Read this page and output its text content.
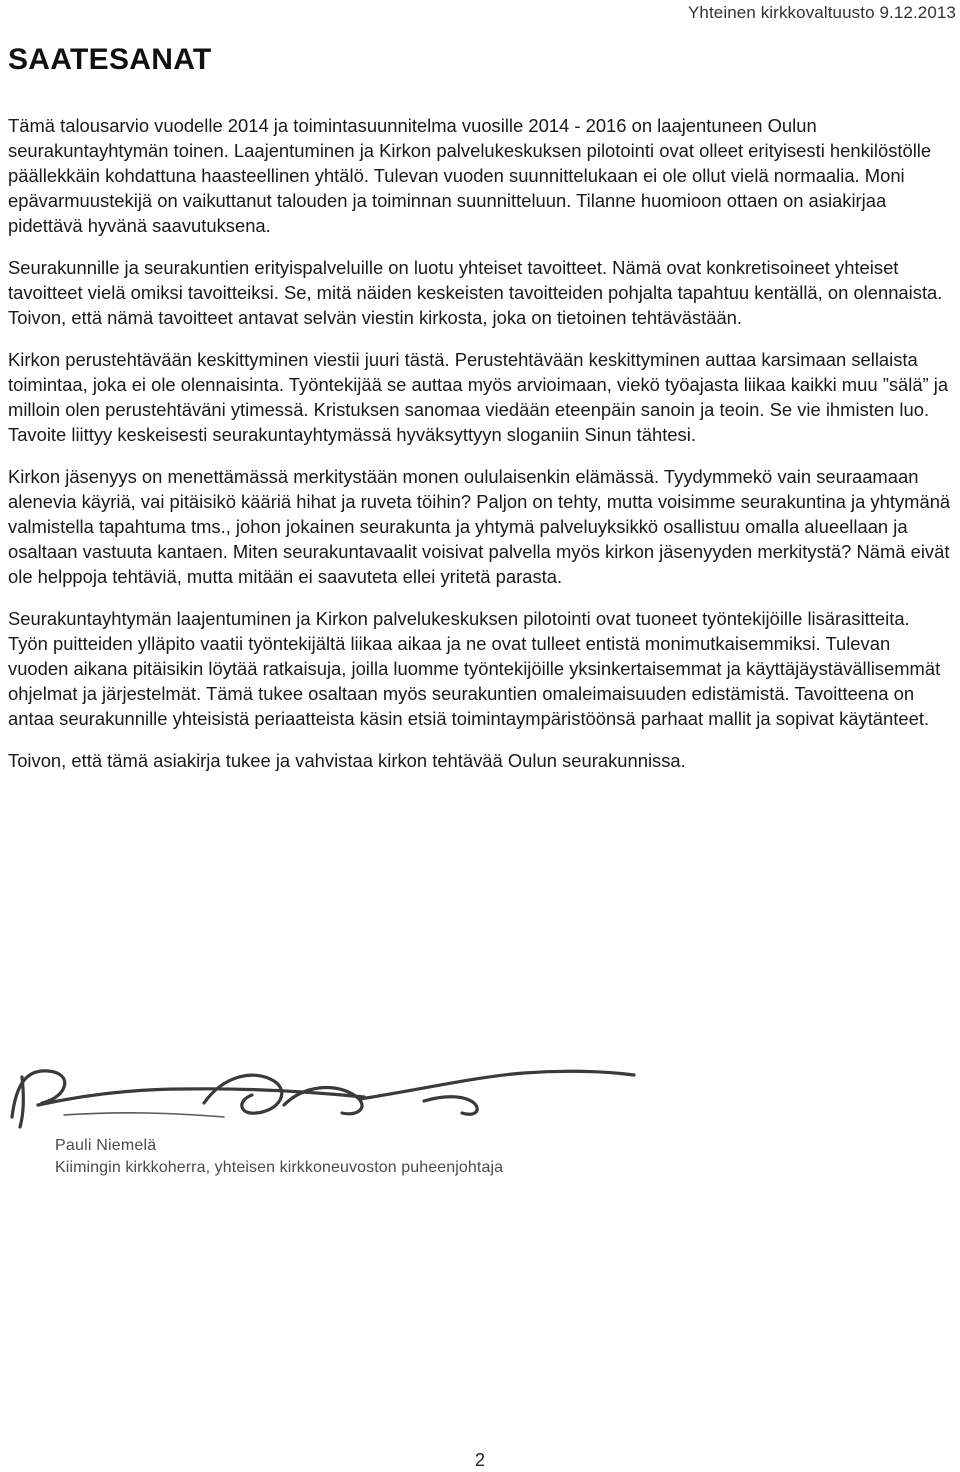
Yhteinen kirkkovaltuusto 9.12.2013
SAATESANAT

Tämä talousarvio vuodelle 2014 ja toimintasuunnitelma vuosille 2014 - 2016 on laajentuneen Oulun seurakuntayhtymän toinen. Laajentuminen ja Kirkon palvelukeskuksen pilotointi ovat olleet erityisesti henkilöstölle päällekkäin kohdattuna haasteellinen yhtälö. Tulevan vuoden suunnittelukaan ei ole ollut vielä normaalia. Moni epävarmuustekijä on vaikuttanut talouden ja toiminnan suunnitteluun. Tilanne huomioon ottaen on asiakirjaa pidettävä hyvänä saavutuksena.

Seurakunnille ja seurakuntien erityispalveluille on luotu yhteiset tavoitteet. Nämä ovat konkretisoineet yhteiset tavoitteet vielä omiksi tavoitteiksi. Se, mitä näiden keskeisten tavoitteiden pohjalta tapahtuu kentällä, on olennaista. Toivon, että nämä tavoitteet antavat selvän viestin kirkosta, joka on tietoinen tehtävästään.

Kirkon perustehtävään keskittyminen viestii juuri tästä. Perustehtävään keskittyminen auttaa karsimaan sellaista toimintaa, joka ei ole olennaisinta. Työntekijää se auttaa myös arvioimaan, viekö työajasta liikaa kaikki muu ”sälä” ja milloin olen perustehtäväni ytimessä. Kristuksen sanomaa viedään eteenpäin sanoin ja teoin. Se vie ihmisten luo. Tavoite liittyy keskeisesti seurakuntayhtymässä hyväksyttyyn sloganiin Sinun tähtesi.

Kirkon jäsenyys on menettämässä merkitystään monen oululaisenkin elämässä. Tyydymmekö vain seuraamaan alenevia käyriä, vai pitäisikö kääriä hihat ja ruveta töihin? Paljon on tehty, mutta voisimme seurakuntina ja yhtymänä valmistella tapahtuma tms., johon jokainen seurakunta ja yhtymä palveluyksikkö osallistuu omalla alueellaan ja osaltaan vastuuta kantaen. Miten seurakuntavaalit voisivat palvella myös kirkon jäsenyyden merkitystä? Nämä eivät ole helppoja tehtäviä, mutta mitään ei saavuteta ellei yritetä parasta.

Seurakuntayhtymän laajentuminen ja Kirkon palvelukeskuksen pilotointi ovat tuoneet työntekijöille lisärasitteita. Työn puitteiden ylläpito vaatii työntekijältä liikaa aikaa ja ne ovat tulleet entistä monimutkaisemmiksi. Tulevan vuoden aikana pitäisikin löytää ratkaisuja, joilla luomme työntekijöille yksinkertaisemmat ja käyttäjäystävällisemmät ohjelmat ja järjestelmät. Tämä tukee osaltaan myös seurakuntien omaleimaisuuden edistämistä. Tavoitteena on antaa seurakunnille yhteisistä periaatteista käsin etsiä toimintaympäristöönsä parhaat mallit ja sopivat käytänteet.

Toivon, että tämä asiakirja tukee ja vahvistaa kirkon tehtävää Oulun seurakunnissa.

Pauli Niemelä
Kiimingin kirkkoherra, yhteisen kirkkoneuvoston puheenjohtaja
2
